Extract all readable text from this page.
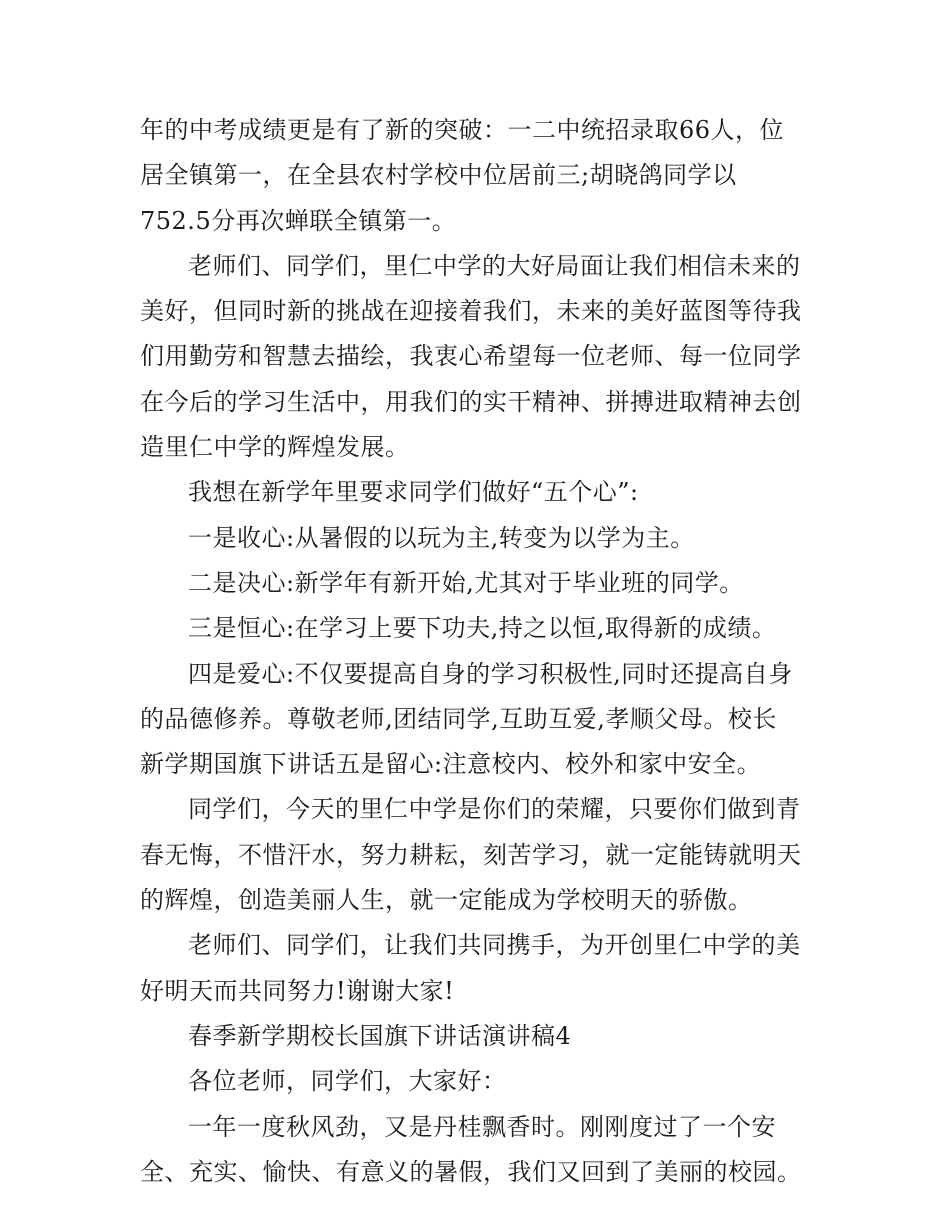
年的中考成绩更是有了新的突破：一二中统招录取66人，位
居全镇第一，在全县农村学校中位居前三;胡晓鸽同学以
752.5分再次蝉联全镇第一。
老师们、同学们，里仁中学的大好局面让我们相信未来的
美好，但同时新的挑战在迎接着我们，未来的美好蓝图等待我
们用勤劳和智慧去描绘，我衷心希望每一位老师、每一位同学
在今后的学习生活中，用我们的实干精神、拼搏进取精神去创
造里仁中学的辉煌发展。
我想在新学年里要求同学们做好“五个心”:
一是收心:从暑假的以玩为主,转变为以学为主。
二是决心:新学年有新开始,尤其对于毕业班的同学。
三是恒心:在学习上要下功夫,持之以恒,取得新的成绩。
四是爱心:不仅要提高自身的学习积极性,同时还提高自身
的品德修养。尊敬老师,团结同学,互助互爱,孝顺父母。校长
新学期国旗下讲话五是留心:注意校内、校外和家中安全。
同学们，今天的里仁中学是你们的荣耀，只要你们做到青
春无悔，不惜汗水，努力耕耘，刻苦学习，就一定能铸就明天
的辉煌，创造美丽人生，就一定能成为学校明天的骄傲。
老师们、同学们，让我们共同携手，为开创里仁中学的美
好明天而共同努力!谢谢大家!
春季新学期校长国旗下讲话演讲稿4
各位老师，同学们，大家好：
一年一度秋风劲，又是丹桂飘香时。刚刚度过了一个安
全、充实、愉快、有意义的暑假，我们又回到了美丽的校园。
